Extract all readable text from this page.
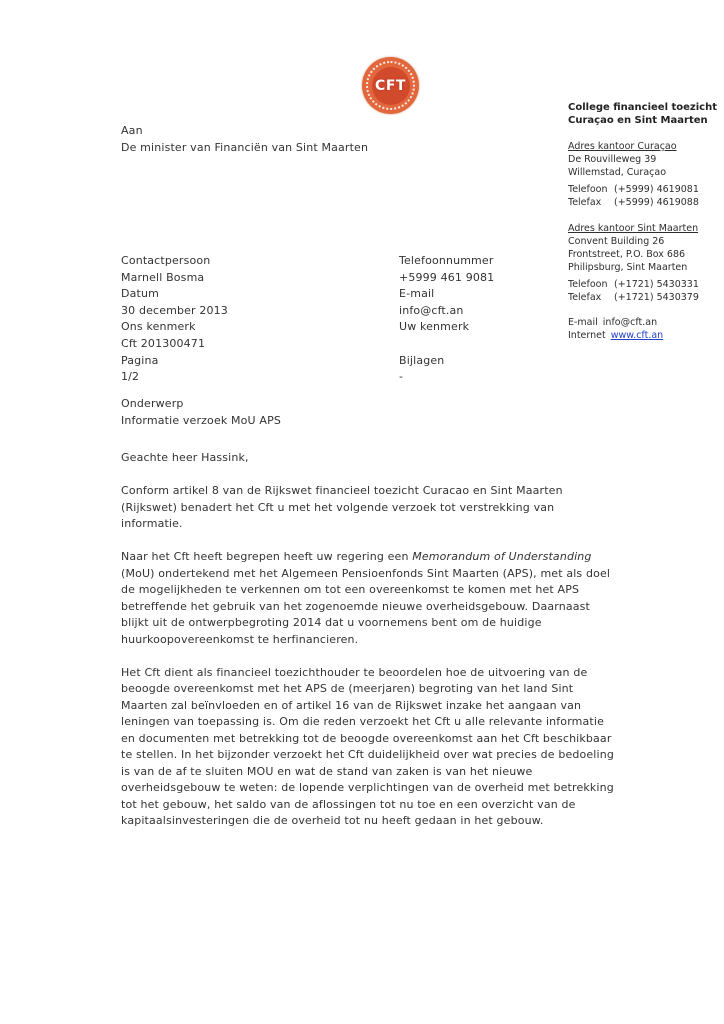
CFT
College financieel toezicht
Curaçao en Sint Maarten
Adres kantoor Curaçao
De Rouvilleweg 39
Willemstad, Curaçao
Telefoon (+5999) 4619081
Telefax	(+5999) 4619088
Adres kantoor Sint Maarten
Convent Building 26
Frontstreet, P.O. Box 686
Philipsburg, Sint Maarten
Telefoon (+1721) 5430331
Telefax	(+1721) 5430379
E-mail info@cft.an
Internet www.cft.an
Aan
De minister van Financiën van Sint Maarten
Contactpersoon
Marnell Bosma
Datum
30 december 2013
Ons kenmerk
Cft 201300471
Pagina
1/2
Telefoonnummer
+5999 461 9081
E-mail
info@cft.an
Uw kenmerk
Bijlagen
-
Onderwerp
Informatie verzoek MoU APS

Geachte heer Hassink,

Conform artikel 8 van de Rijkswet financieel toezicht Curacao en Sint Maarten (Rijkswet) benadert het Cft u met het volgende verzoek tot verstrekking van informatie.

Naar het Cft heeft begrepen heeft uw regering een Memorandum of Understanding (MoU) ondertekend met het Algemeen Pensioenfonds Sint Maarten (APS), met als doel de mogelijkheden te verkennen om tot een overeenkomst te komen met het APS betreffende het gebruik van het zogenoemde nieuwe overheidsgebouw. Daarnaast blijkt uit de ontwerpbegroting 2014 dat u voornemens bent om de huidige huurkoopovereenkomst te herfinancieren.

Het Cft dient als financieel toezichthouder te beoordelen hoe de uitvoering van de beoogde overeenkomst met het APS de (meerjaren) begroting van het land Sint Maarten zal beïnvloeden en of artikel 16 van de Rijkswet inzake het aangaan van leningen van toepassing is. Om die reden verzoekt het Cft u alle relevante informatie en documenten met betrekking tot de beoogde overeenkomst aan het Cft beschikbaar te stellen. In het bijzonder verzoekt het Cft duidelijkheid over wat precies de bedoeling is van de af te sluiten MOU en wat de stand van zaken is van het nieuwe overheidsgebouw te weten: de lopende verplichtingen van de overheid met betrekking tot het gebouw, het saldo van de aflossingen tot nu toe en een overzicht van de kapitaalsinvesteringen die de overheid tot nu heeft gedaan in het gebouw.
